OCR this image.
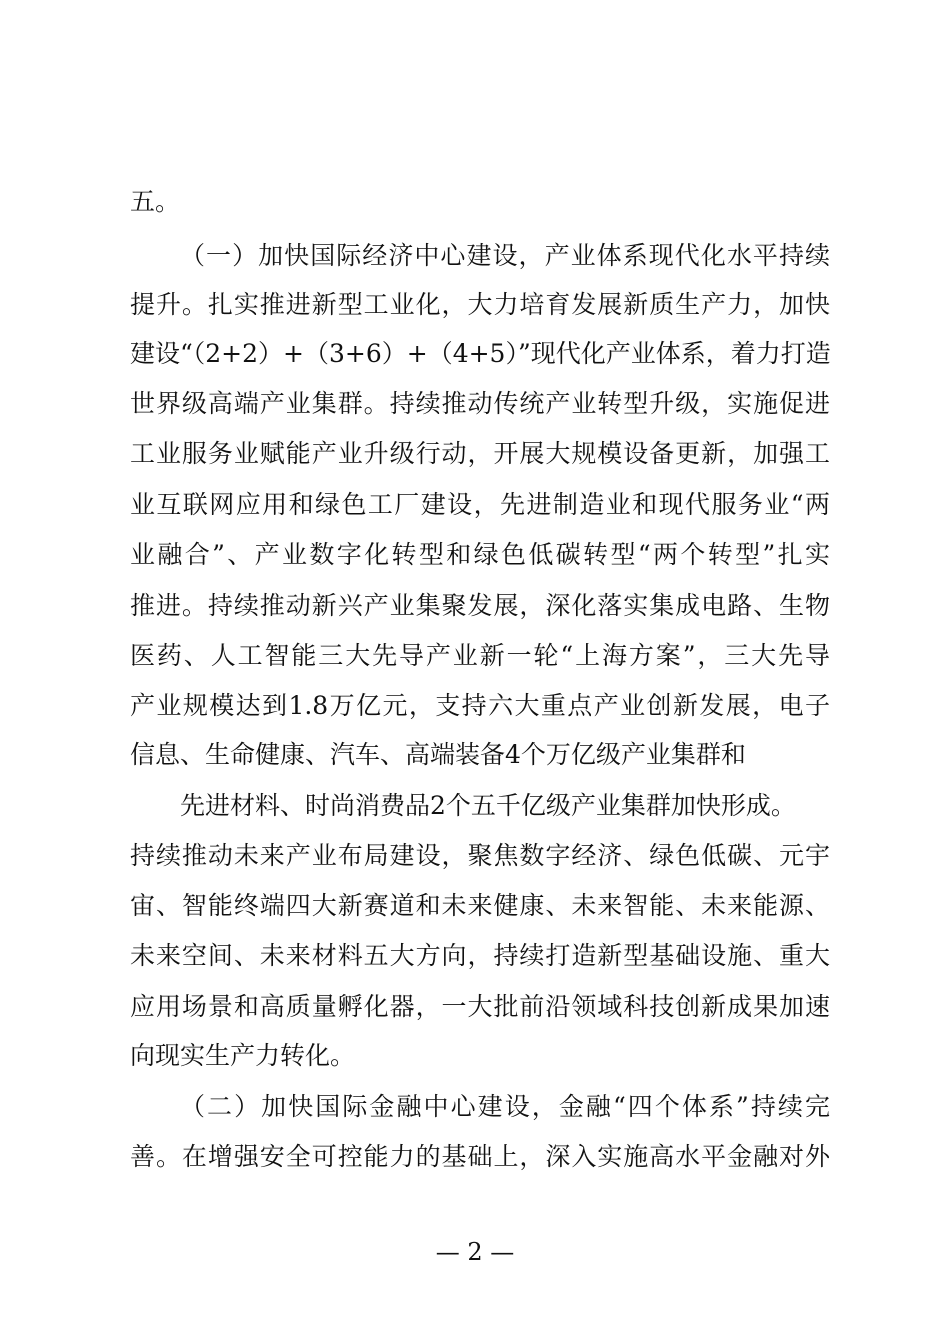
五。
（一）加快国际经济中心建设，产业体系现代化水平持续
提升。扎实推进新型工业化，大力培育发展新质生产力，加快
建设“（2+2）+（3+6）+（4+5）”现代化产业体系，着力打造
世界级高端产业集群。持续推动传统产业转型升级，实施促进
工业服务业赋能产业升级行动，开展大规模设备更新，加强工
业互联网应用和绿色工厂建设，先进制造业和现代服务业“两
业融合”、产业数字化转型和绿色低碳转型“两个转型”扎实
推进。持续推动新兴产业集聚发展，深化落实集成电路、生物
医药、人工智能三大先导产业新一轮“上海方案”，三大先导
产业规模达到1.8万亿元，支持六大重点产业创新发展，电子
信息、生命健康、汽车、高端装备4个万亿级产业集群和
先进材料、时尚消费品2个五千亿级产业集群加快形成。
持续推动未来产业布局建设，聚焦数字经济、绿色低碳、元宇
宙、智能终端四大新赛道和未来健康、未来智能、未来能源、
未来空间、未来材料五大方向，持续打造新型基础设施、重大
应用场景和高质量孵化器，一大批前沿领域科技创新成果加速
向现实生产力转化。
（二）加快国际金融中心建设，金融“四个体系”持续完
善。在增强安全可控能力的基础上，深入实施高水平金融对外
— 2 —
